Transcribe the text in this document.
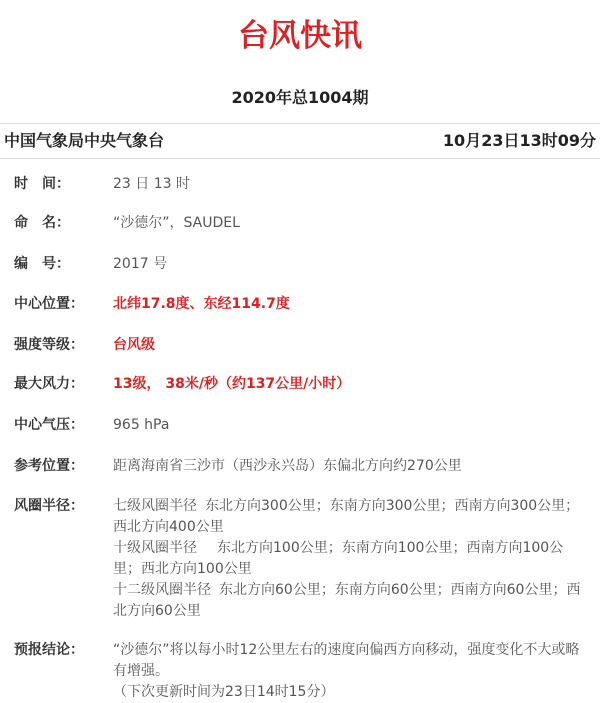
台风快讯
2020年总1004期
中国气象局中央气象台	10月23日13时09分
时　间：	23 日 13 时
命　名：	“沙德尔”，SAUDEL
编　号：	2017 号
中心位置： 北纬17.8度、东经114.7度
强度等级： 台风级
最大风力： 13级， 38米/秒（约137公里/小时）
中心气压： 965 hPa
参考位置： 距离海南省三沙市（西沙永兴岛）东偏北方向约270公里
风圈半径： 七级风圈半径 东北方向300公里；东南方向300公里；西南方向300公里；西北方向400公里

十级风圈半径 东北方向100公里；东南方向100公里；西南方向100公里；西北方向100公里

十二级风圈半径 东北方向60公里；东南方向60公里；西南方向60公里；西北方向60公里

预报结论： “沙德尔”将以每小时12公里左右的速度向偏西方向移动，强度变化不大或略有增强。

（下次更新时间为23日14时15分）
